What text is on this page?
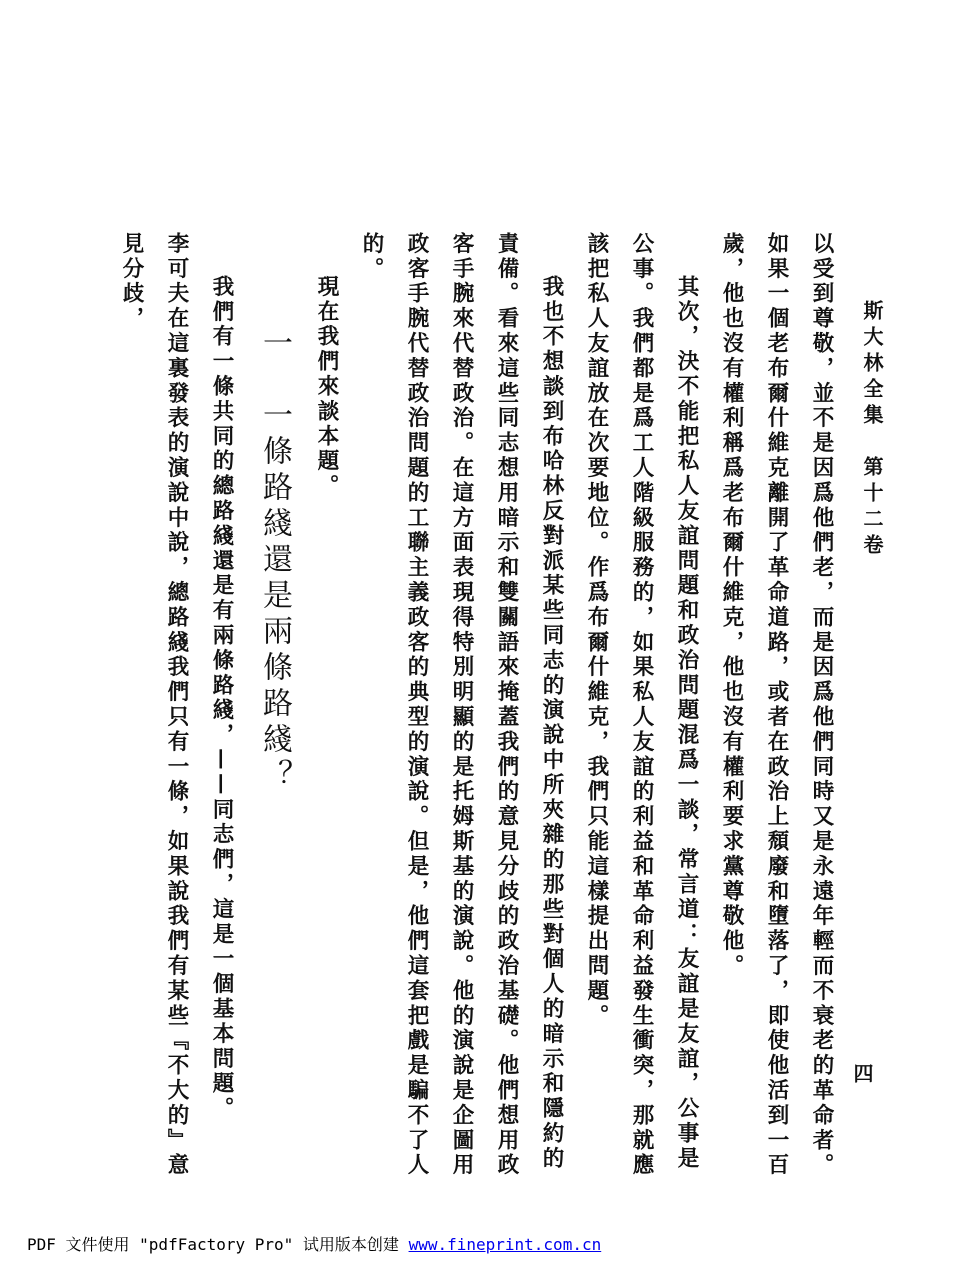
斯大林全集　第十二卷

以受到尊敬，並不是因爲他們老，而是因爲他們同時又是永遠年輕而不衰老的革命者。如果一個老布爾什維克離開了革命道路，或者在政治上頹廢和墮落了，即使他活到一百歲，他也沒有權利稱爲老布爾什維克，他也沒有權利要求黨尊敬他。

其次，決不能把私人友誼問題和政治問題混爲一談，常言道：友誼是友誼，公事是公事。我們都是爲工人階級服務的，如果私人友誼的利益和革命利益發生衝突，那就應該把私人友誼放在次要地位。作爲布爾什維克，我們只能這樣提出問題。

我也不想談到布哈林反對派某些同志的演說中所夾雜的那些對個人的暗示和隱約的責備。看來這些同志想用暗示和雙關語來掩蓋我們的意見分歧的政治基礎。他們想用政客手腕來代替政治。在這方面表現得特別明顯的是托姆斯基的演說。他的演說是企圖用政客手腕代替政治問題的工聯主義政客的典型的演說。但是，他們這套把戲是騙不了人的。

現在我們來談本題。

一　一條路綫還是兩條路綫？

我們有一條共同的總路綫還是有兩條路綫，——同志們，這是一個基本問題。

李可夫在這裏發表的演說中說，總路綫我們只有一條，如果說我們有某些『不大的』意見分歧，

四
PDF 文件使用 "pdfFactory Pro" 试用版本创建 www.fineprint.com.cn
